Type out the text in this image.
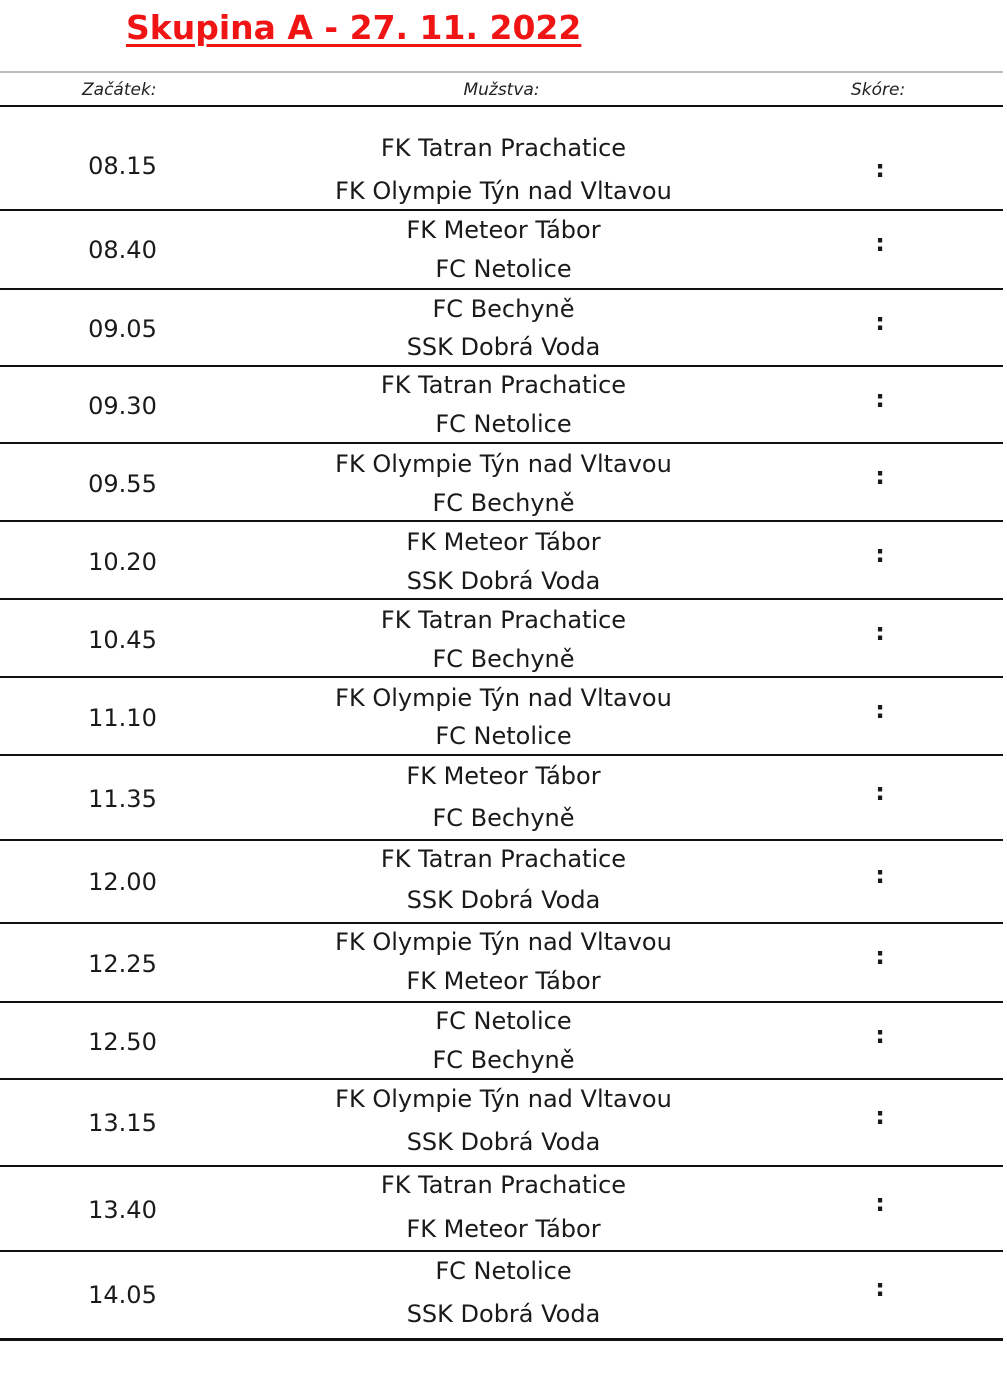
Skupina A - 27. 11. 2022
Začátek:	Mužstva:	Skóre:
08.15
FK Tatran Prachatice
FK Olympie Týn nad Vltavou
:
08.40
FK Meteor Tábor
FC Netolice
:
09.05
FC Bechyně
SSK Dobrá Voda
:
09.30
FK Tatran Prachatice
FC Netolice
:
09.55
FK Olympie Týn nad Vltavou
FC Bechyně
:
10.20
FK Meteor Tábor
SSK Dobrá Voda
:
10.45
FK Tatran Prachatice
FC Bechyně
:
11.10
FK Olympie Týn nad Vltavou
FC Netolice
:
11.35
FK Meteor Tábor
FC Bechyně
:
12.00
FK Tatran Prachatice
SSK Dobrá Voda
:
12.25
FK Olympie Týn nad Vltavou
FK Meteor Tábor
:
12.50
FC Netolice
FC Bechyně
:
13.15
FK Olympie Týn nad Vltavou
SSK Dobrá Voda
:
13.40
FK Tatran Prachatice
FK Meteor Tábor
:
14.05
FC Netolice
SSK Dobrá Voda
:
